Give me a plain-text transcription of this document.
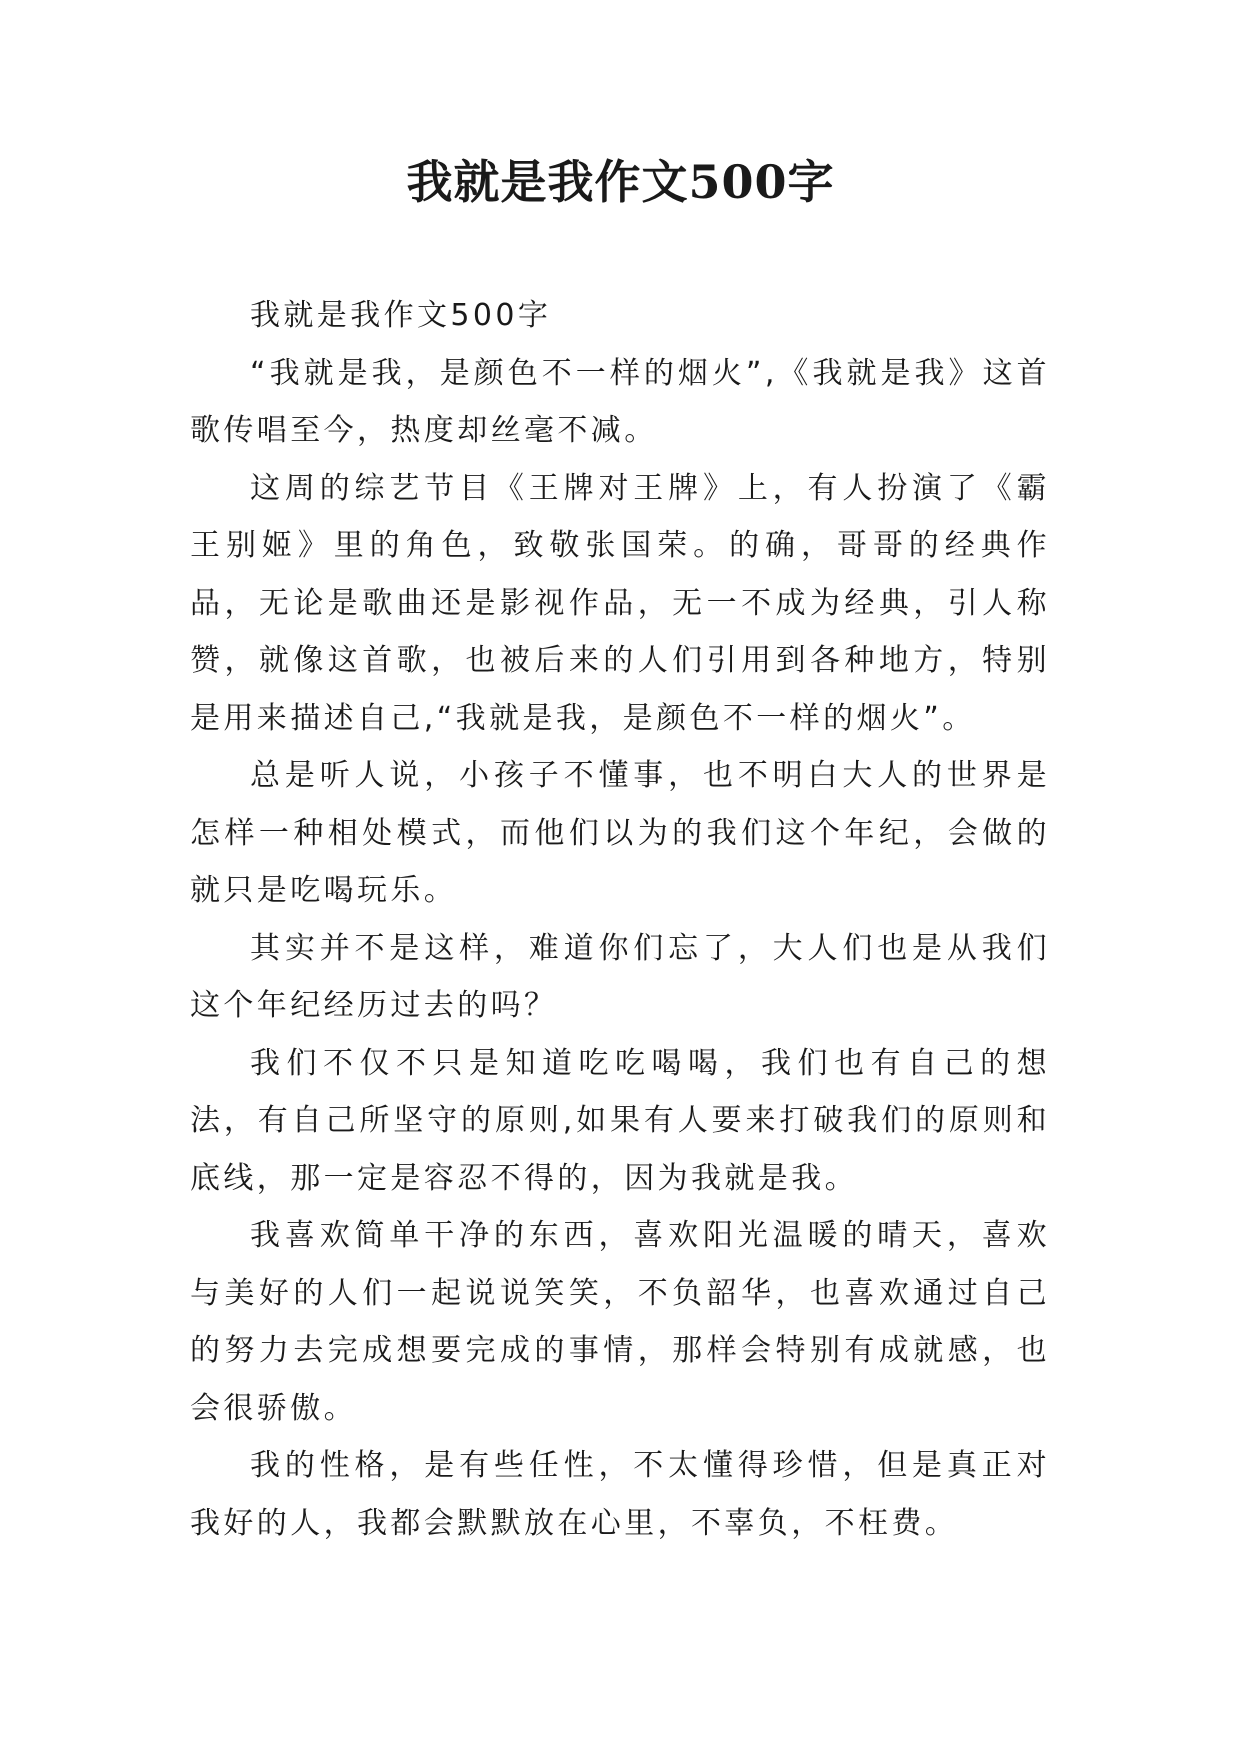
我就是我作文500字

我就是我作文500字

“我就是我，是颜色不一样的烟火”,《我就是我》这首歌传唱至今，热度却丝毫不减。

这周的综艺节目《王牌对王牌》上，有人扮演了《霸王别姬》里的角色，致敬张国荣。的确，哥哥的经典作品，无论是歌曲还是影视作品，无一不成为经典，引人称赞，就像这首歌，也被后来的人们引用到各种地方，特别是用来描述自己,“我就是我，是颜色不一样的烟火”。

总是听人说，小孩子不懂事，也不明白大人的世界是怎样一种相处模式，而他们以为的我们这个年纪，会做的就只是吃喝玩乐。

其实并不是这样，难道你们忘了，大人们也是从我们这个年纪经历过去的吗？

我们不仅不只是知道吃吃喝喝，我们也有自己的想法，有自己所坚守的原则,如果有人要来打破我们的原则和底线，那一定是容忍不得的，因为我就是我。

我喜欢简单干净的东西，喜欢阳光温暖的晴天，喜欢与美好的人们一起说说笑笑，不负韶华，也喜欢通过自己的努力去完成想要完成的事情，那样会特别有成就感，也会很骄傲。

我的性格，是有些任性，不太懂得珍惜，但是真正对我好的人，我都会默默放在心里，不辜负，不枉费。
